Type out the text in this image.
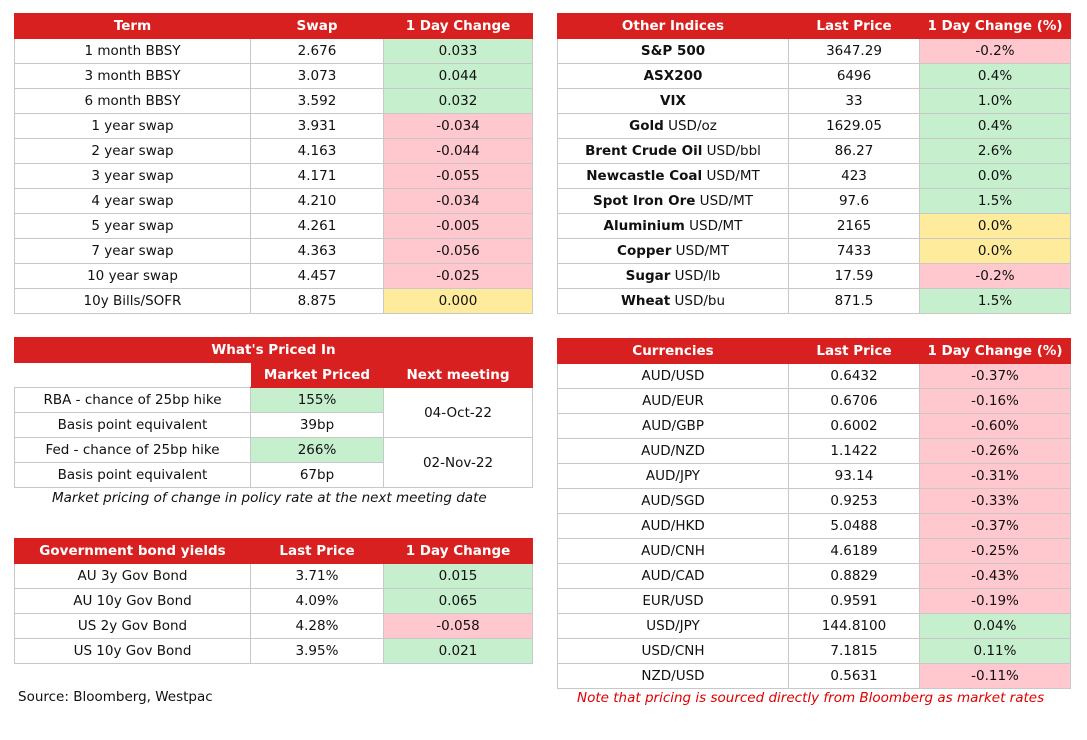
Term	Swap	1 Day Change
1 month BBSY	2.676	0.033
3 month BBSY	3.073	0.044
6 month BBSY	3.592	0.032
1 year swap	3.931	-0.034
2 year swap	4.163	-0.044
3 year swap	4.171	-0.055
4 year swap	4.210	-0.034
5 year swap	4.261	-0.005
7 year swap	4.363	-0.056
10 year swap	4.457	-0.025
10y Bills/SOFR	8.875	0.000
What's Priced In		
	Market Priced	Next meeting
RBA - chance of 25bp hike	155%	04-Oct-22
Basis point equivalent	39bp	
Fed - chance of 25bp hike	266%	02-Nov-22
Basis point equivalent	67bp	
Market pricing of change in policy rate at the next meeting date
Government bond yields	Last Price	1 Day Change
AU 3y Gov Bond	3.71%	0.015
AU 10y Gov Bond	4.09%	0.065
US 2y Gov Bond	4.28%	-0.058
US 10y Gov Bond	3.95%	0.021
Source: Bloomberg, Westpac
Other Indices	Last Price	1 Day Change (%)
S&P 500	3647.29	-0.2%
ASX200	6496	0.4%
VIX	33	1.0%
Gold USD/oz	1629.05	0.4%
Brent Crude Oil USD/bbl	86.27	2.6%
Newcastle Coal USD/MT	423	0.0%
Spot Iron Ore USD/MT	97.6	1.5%
Aluminium USD/MT	2165	0.0%
Copper USD/MT	7433	0.0%
Sugar USD/lb	17.59	-0.2%
Wheat USD/bu	871.5	1.5%
Currencies	Last Price	1 Day Change (%)
AUD/USD	0.6432	-0.37%
AUD/EUR	0.6706	-0.16%
AUD/GBP	0.6002	-0.60%
AUD/NZD	1.1422	-0.26%
AUD/JPY	93.14	-0.31%
AUD/SGD	0.9253	-0.33%
AUD/HKD	5.0488	-0.37%
AUD/CNH	4.6189	-0.25%
AUD/CAD	0.8829	-0.43%
EUR/USD	0.9591	-0.19%
USD/JPY	144.8100	0.04%
USD/CNH	7.1815	0.11%
NZD/USD	0.5631	-0.11%
Note that pricing is sourced directly from Bloomberg as market rates
